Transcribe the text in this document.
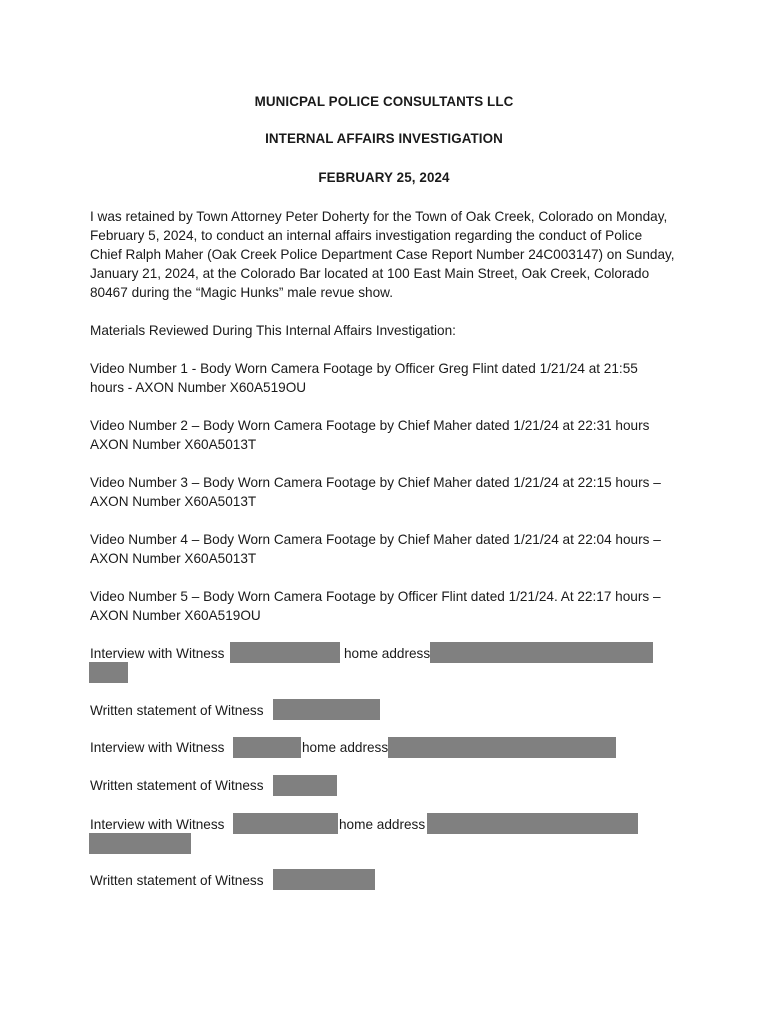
MUNICPAL POLICE CONSULTANTS LLC
INTERNAL AFFAIRS INVESTIGATION
FEBRUARY 25, 2024
I was retained by Town Attorney Peter Doherty for the Town of Oak Creek, Colorado on Monday,
February 5, 2024, to conduct an internal affairs investigation regarding the conduct of Police
Chief Ralph Maher (Oak Creek Police Department Case Report Number 24C003147) on Sunday,
January 21, 2024, at the Colorado Bar located at 100 East Main Street, Oak Creek, Colorado
80467 during the “Magic Hunks” male revue show.
Materials Reviewed During This Internal Affairs Investigation:
Video Number 1 - Body Worn Camera Footage by Officer Greg Flint dated 1/21/24 at 21:55
hours - AXON Number X60A519OU
Video Number 2 – Body Worn Camera Footage by Chief Maher dated 1/21/24 at 22:31 hours
AXON Number X60A5013T
Video Number 3 – Body Worn Camera Footage by Chief Maher dated 1/21/24 at 22:15 hours –
AXON Number X60A5013T
Video Number 4 – Body Worn Camera Footage by Chief Maher dated 1/21/24 at 22:04 hours –
AXON Number X60A5013T
Video Number 5 – Body Worn Camera Footage by Officer Flint dated 1/21/24. At 22:17 hours –
AXON Number X60A519OU
Interview with Witness	home address
Written statement of Witness
Interview with Witness	home address
Written statement of Witness
Interview with Witness	home address
Written statement of Witness
